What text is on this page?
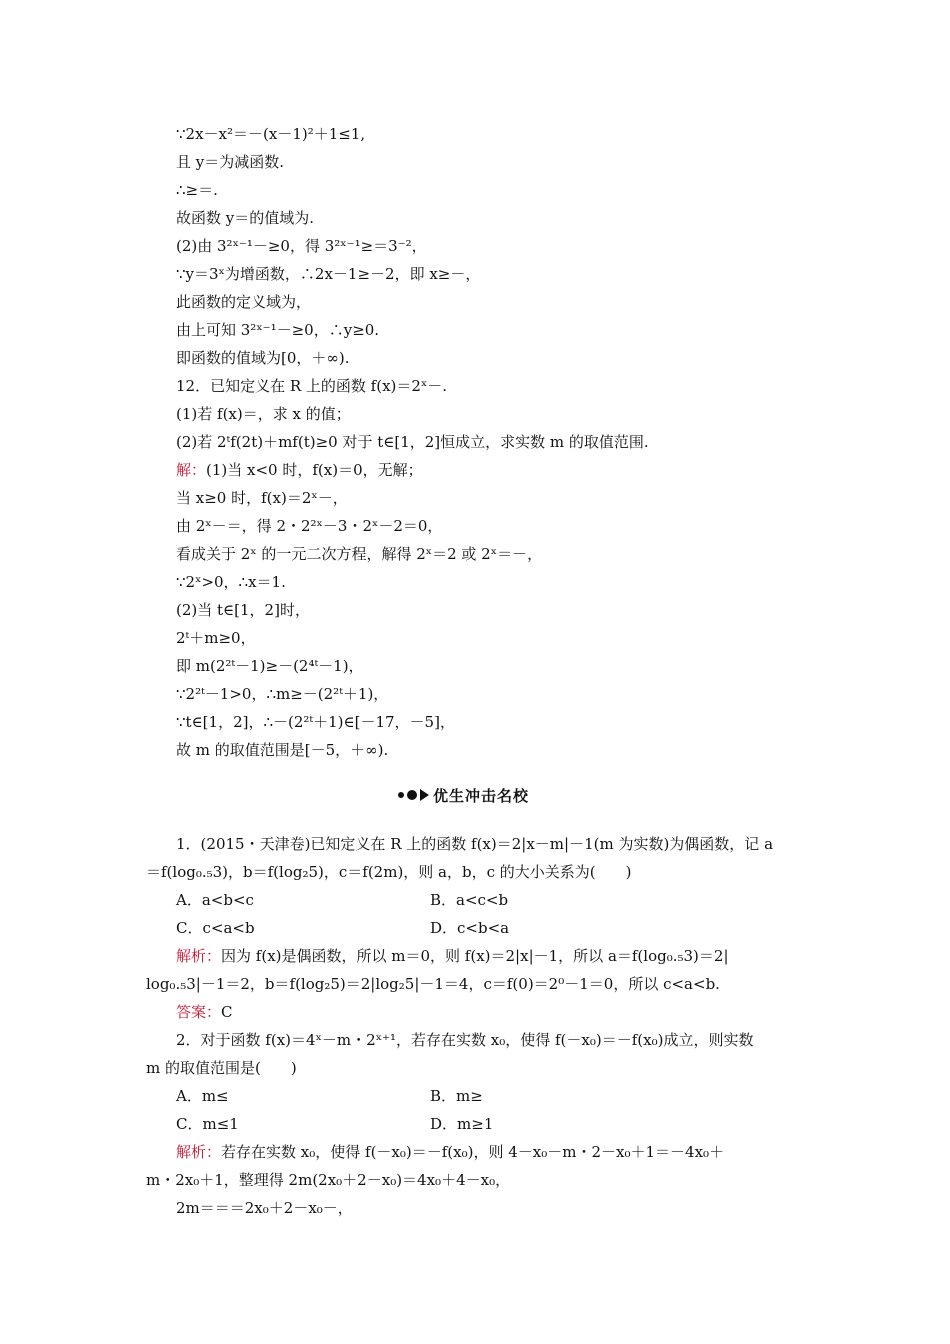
∵2x－x²＝－(x－1)²＋1≤1,
且 y＝为减函数.
∴≥＝.
故函数 y＝的值域为.
(2)由 3²ˣ⁻¹－≥0，得 3²ˣ⁻¹≥＝3⁻²，
∵y＝3ˣ为增函数，∴2x－1≥－2，即 x≥－，
此函数的定义域为，
由上可知 3²ˣ⁻¹－≥0，∴y≥0.
即函数的值域为[0，＋∞).
12．已知定义在 R 上的函数 f(x)＝2ˣ－.
(1)若 f(x)＝，求 x 的值；
(2)若 2ᵗf(2t)＋mf(t)≥0 对于 t∈[1，2]恒成立，求实数 m 的取值范围.
解：(1)当 x<0 时，f(x)＝0，无解；
当 x≥0 时，f(x)＝2ˣ－，
由 2ˣ－＝，得 2・2²ˣ－3・2ˣ－2＝0，
看成关于 2ˣ 的一元二次方程，解得 2ˣ＝2 或 2ˣ＝－，
∵2ˣ>0，∴x＝1.
(2)当 t∈[1，2]时，
2ᵗ＋m≥0，
即 m(2²ᵗ－1)≥－(2⁴ᵗ－1)，
∵2²ᵗ－1>0，∴m≥－(2²ᵗ＋1)，
∵t∈[1，2]，∴－(2²ᵗ＋1)∈[－17，－5]，
故 m 的取值范围是[－5，＋∞).
优生冲击名校
1．(2015・天津卷)已知定义在 R 上的函数 f(x)＝2|x－m|－1(m 为实数)为偶函数，记 a
＝f(log₀.₅3)，b＝f(log₂5)，c＝f(2m)，则 a，b，c 的大小关系为(　　)
A．a<b<c	B．a<c<b
C．c<a<b	D．c<b<a
解析：因为 f(x)是偶函数，所以 m＝0，则 f(x)＝2|x|－1，所以 a＝f(log₀.₅3)＝2|
log₀.₅3|－1＝2，b＝f(log₂5)＝2|log₂5|－1＝4，c＝f(0)＝2⁰－1＝0，所以 c<a<b.
答案：C
2．对于函数 f(x)＝4ˣ－m・2ˣ⁺¹，若存在实数 x₀，使得 f(－x₀)＝－f(x₀)成立，则实数
m 的取值范围是(　　)
A．m≤	B．m≥
C．m≤1	D．m≥1
解析：若存在实数 x₀，使得 f(－x₀)＝－f(x₀)，则 4－x₀－m・2－x₀＋1＝－4x₀＋
m・2x₀＋1，整理得 2m(2x₀＋2－x₀)＝4x₀＋4－x₀，
2m＝＝＝2x₀＋2－x₀－，
